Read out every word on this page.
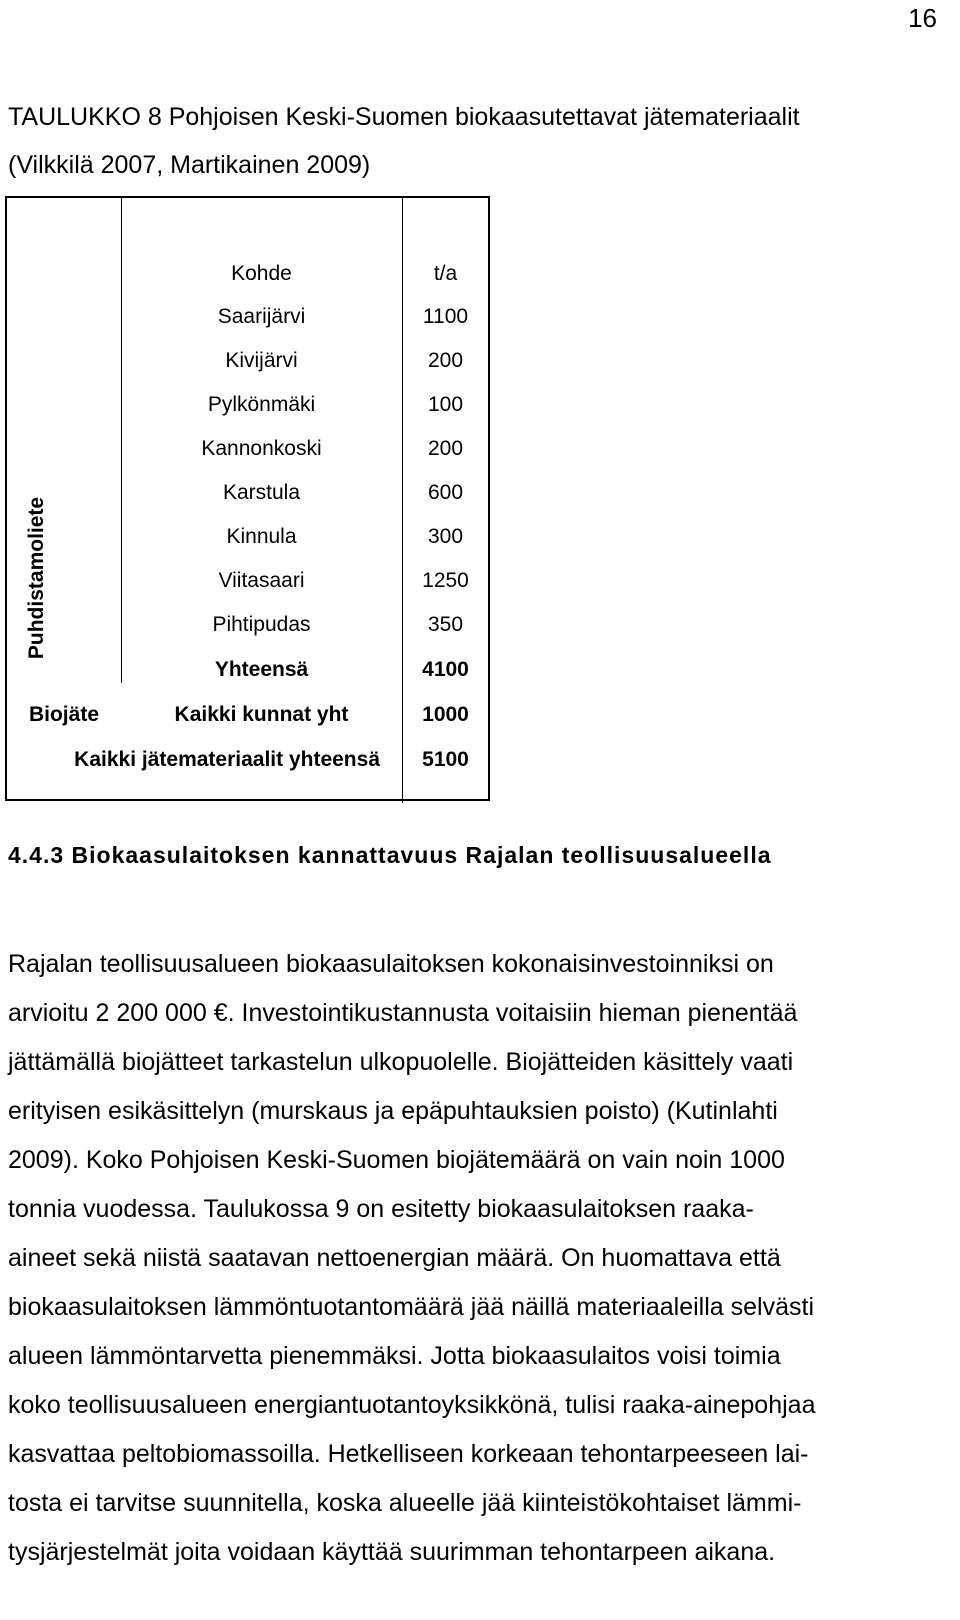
16
TAULUKKO 8 Pohjoisen Keski-Suomen biokaasutettavat jätemateriaalit
(Vilkkilä 2007, Martikainen 2009)
Kohde	t/a
Puhdistamoliete
Saarijärvi	1100
Kivijärvi	200
Pylkönmäki	100
Kannonkoski	200
Karstula	600
Kinnula	300
Viitasaari	1250
Pihtipudas	350
Yhteensä	4100
Biojäte	Kaikki kunnat yht	1000
Kaikki jätemateriaalit yhteensä	5100
4.4.3 Biokaasulaitoksen kannattavuus Rajalan teollisuusalueella
Rajalan teollisuusalueen biokaasulaitoksen kokonaisinvestoinniksi on
arvioitu 2 200 000 €. Investointikustannusta voitaisiin hieman pienentää
jättämällä biojätteet tarkastelun ulkopuolelle. Biojätteiden käsittely vaati
erityisen esikäsittelyn (murskaus ja epäpuhtauksien poisto) (Kutinlahti
2009). Koko Pohjoisen Keski-Suomen biojätemäärä on vain noin 1000
tonnia vuodessa. Taulukossa 9 on esitetty biokaasulaitoksen raaka-
aineet sekä niistä saatavan nettoenergian määrä. On huomattava että
biokaasulaitoksen lämmöntuotantomäärä jää näillä materiaaleilla selvästi
alueen lämmöntarvetta pienemmäksi. Jotta biokaasulaitos voisi toimia
koko teollisuusalueen energiantuotantoyksikkönä, tulisi raaka-ainepohjaa
kasvattaa peltobiomassoilla. Hetkelliseen korkeaan tehontarpeeseen lai-
tosta ei tarvitse suunnitella, koska alueelle jää kiinteistökohtaiset lämmi-
tysjärjestelmät joita voidaan käyttää suurimman tehontarpeen aikana.
